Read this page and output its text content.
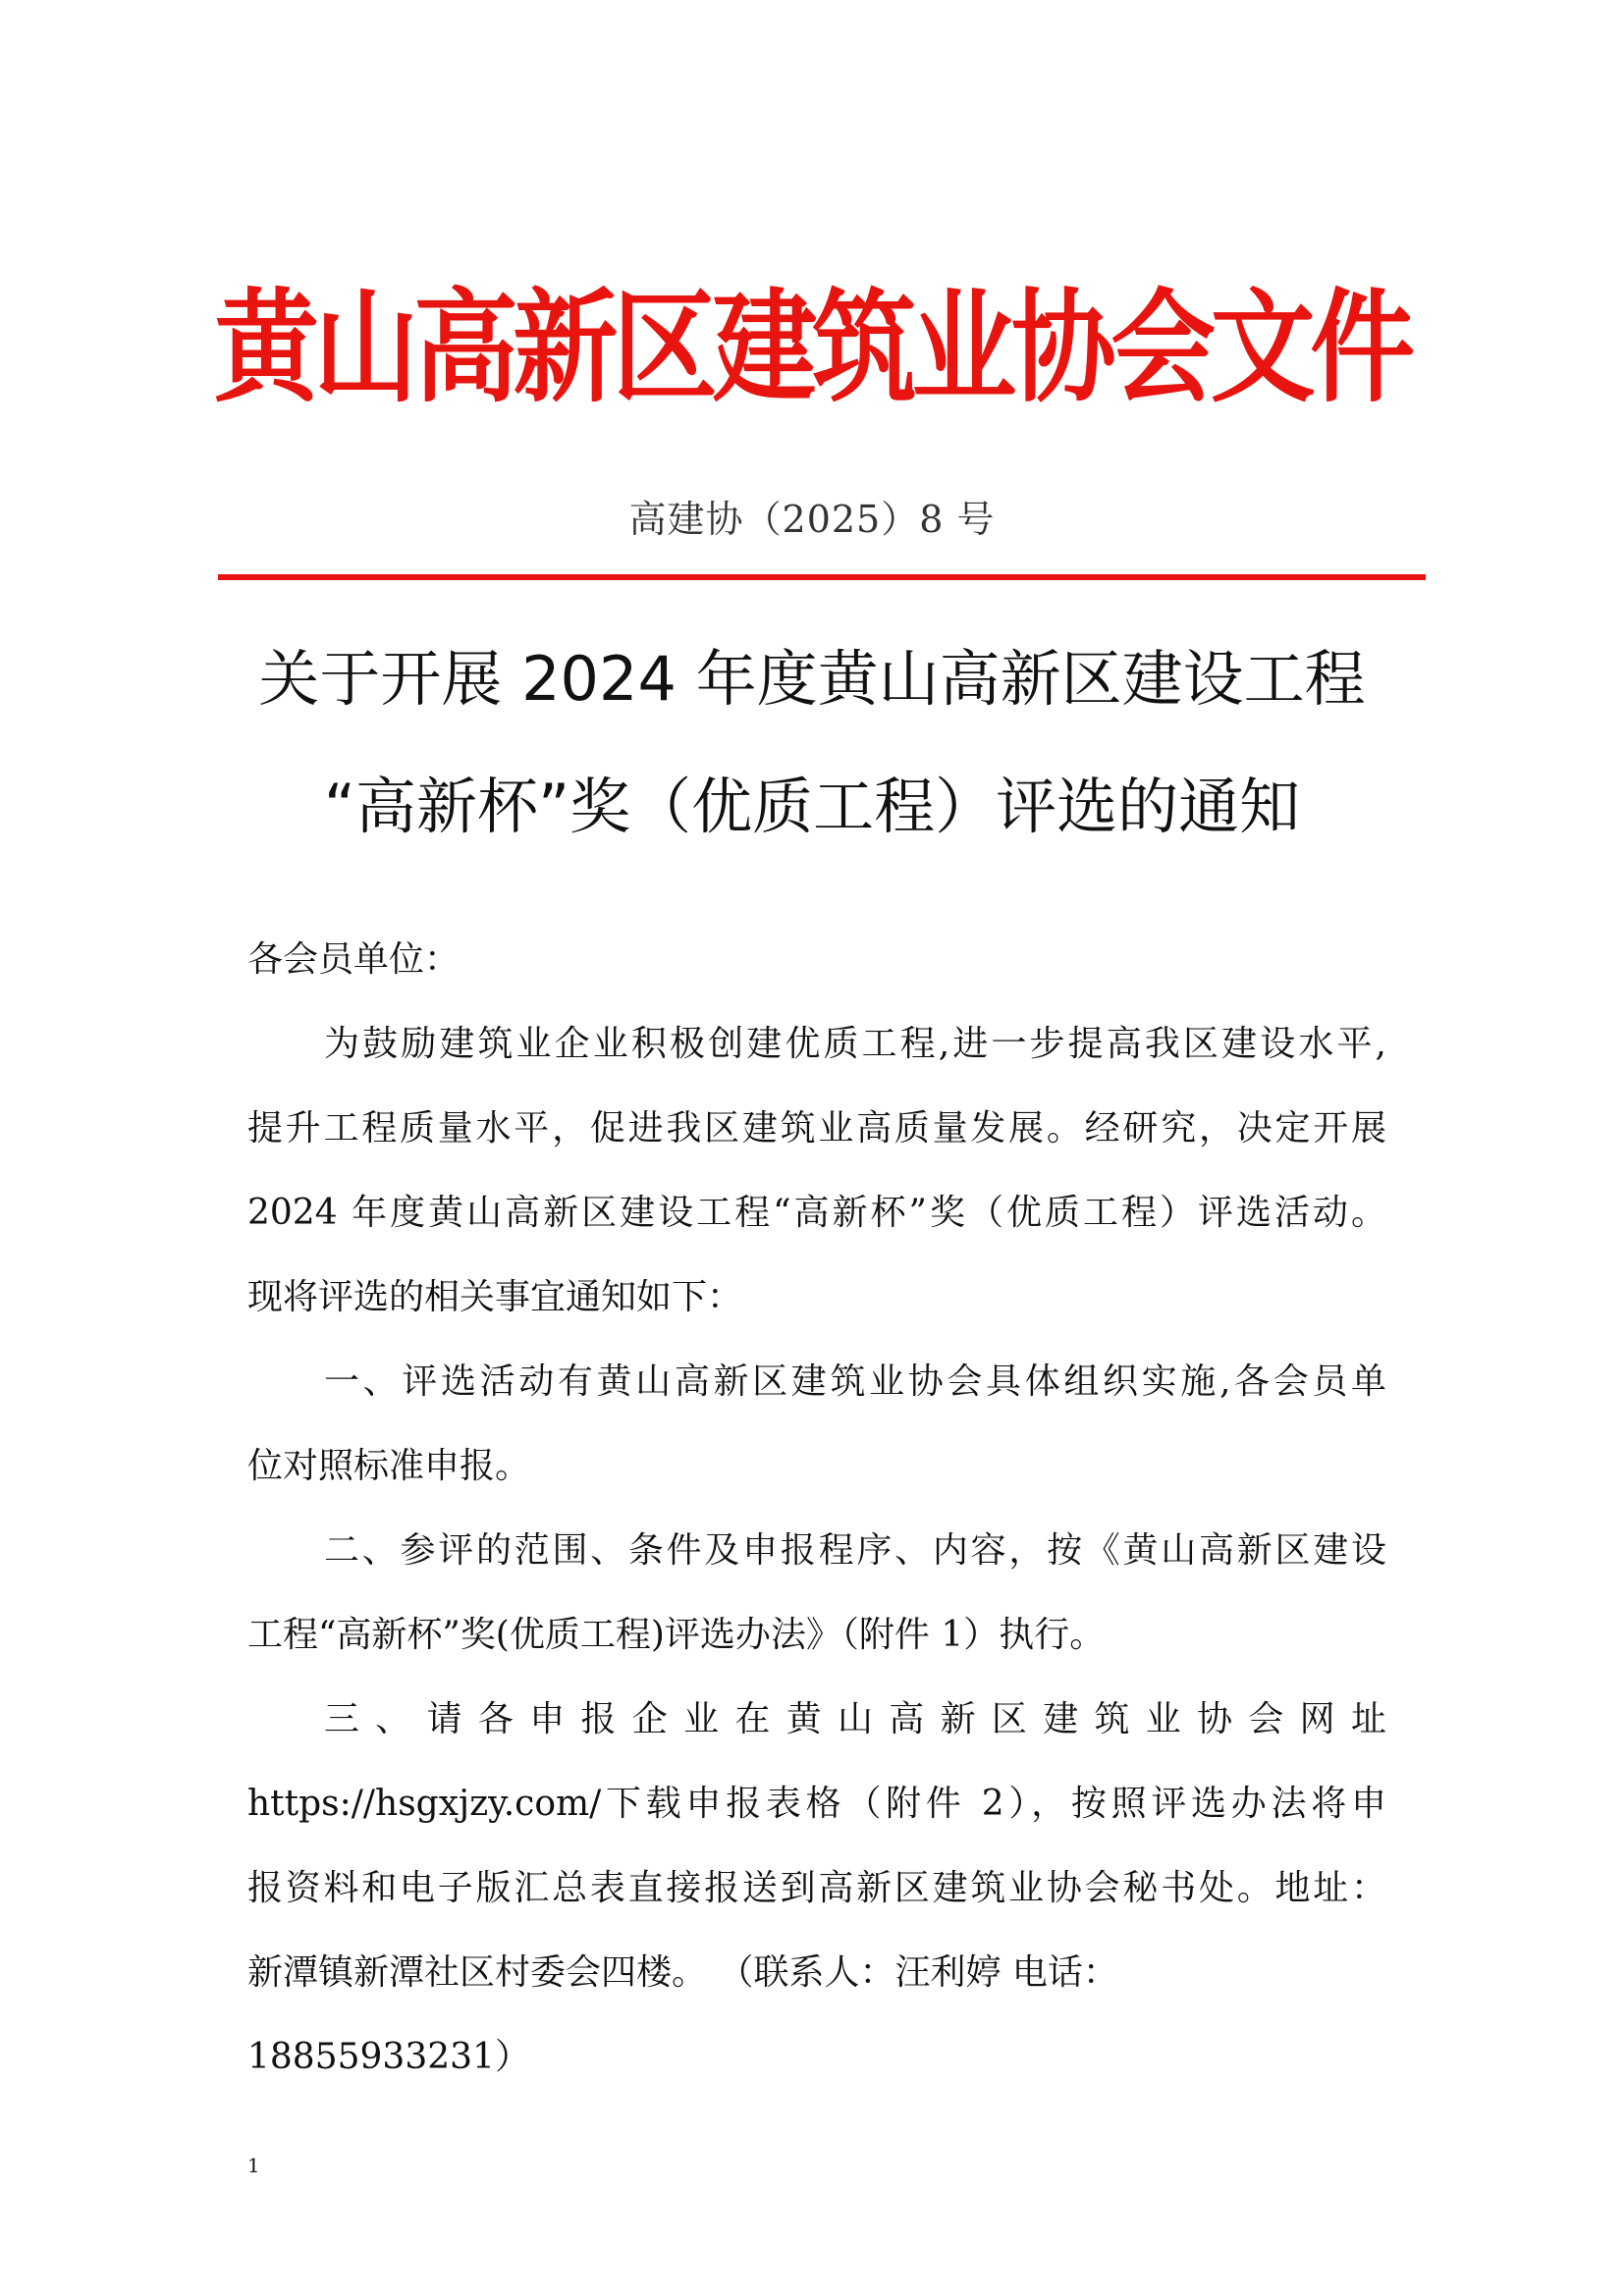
黄山高新区建筑业协会文件
高建协（2025）8 号
关于开展 2024 年度黄山高新区建设工程
“高新杯”奖（优质工程）评选的通知
各会员单位：
为鼓励建筑业企业积极创建优质工程,进一步提高我区建设水平,
提升工程质量水平，促进我区建筑业高质量发展。经研究，决定开展
2024 年度黄山高新区建设工程“高新杯”奖（优质工程）评选活动。
现将评选的相关事宜通知如下：
一、评选活动有黄山高新区建筑业协会具体组织实施,各会员单
位对照标准申报。
二、参评的范围、条件及申报程序、内容，按《黄山高新区建设
工程“高新杯”奖(优质工程)评选办法》（附件 1）执行。
三、请各申报企业在黄山高新区建筑业协会网址
https://hsgxjzy.com/下载申报表格（附件 2），按照评选办法将申
报资料和电子版汇总表直接报送到高新区建筑业协会秘书处。地址：
新潭镇新潭社区村委会四楼。 （联系人：汪利婷 电话：
18855933231）
1
